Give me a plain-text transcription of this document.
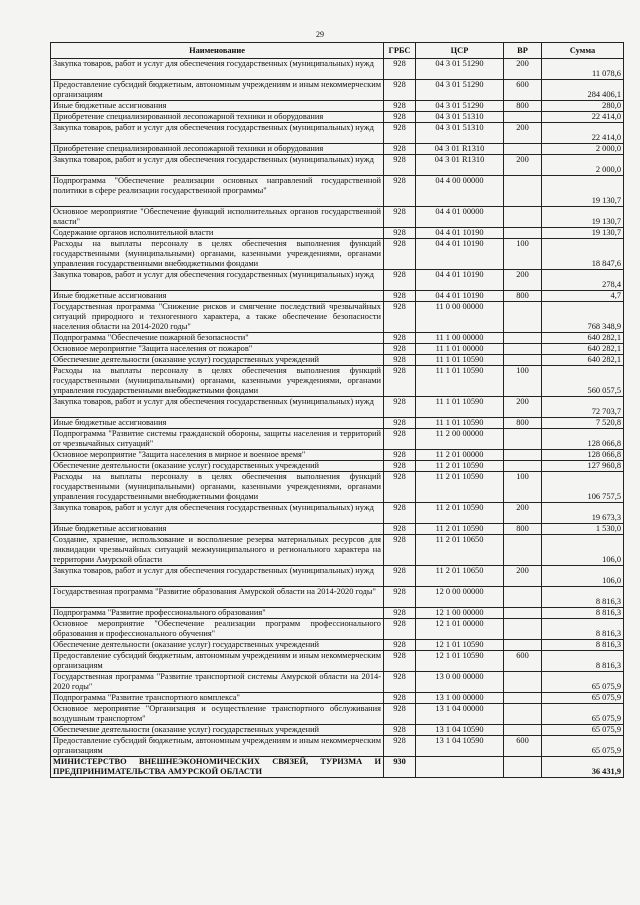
29
Наименование	ГРБС	ЦСР	ВР	Сумма
Закупка товаров, работ и услуг для обеспечения государственных (муниципальных) нужд	928	04 3 01 51290	200	11 078,6
Предоставление субсидий бюджетным, автономным учреждениям и иным некоммерческим организациям	928	04 3 01 51290	600	284 406,1
Иные бюджетные ассигнования	928	04 3 01 51290	800	280,0
Приобретение специализированной лесопожарной техники и оборудования	928	04 3 01 51310		22 414,0
Закупка товаров, работ и услуг для обеспечения государственных (муниципальных) нужд	928	04 3 01 51310	200	22 414,0
Приобретение специализированной лесопожарной техники и оборудования	928	04 3 01 R1310		2 000,0
Закупка товаров, работ и услуг для обеспечения государственных (муниципальных) нужд	928	04 3 01 R1310	200	2 000,0
Подпрограмма "Обеспечение реализации основных направлений государственной политики в сфере реализации государственной программы"	928	04 4 00 00000		19 130,7
Основное мероприятие "Обеспечение функций исполнительных органов государственной власти"	928	04 4 01 00000		19 130,7
Содержание органов исполнительной власти	928	04 4 01 10190		19 130,7
Расходы на выплаты персоналу в целях обеспечения выполнения функций государственными (муниципальными) органами, казенными учреждениями, органами управления государственными внебюджетными фондами	928	04 4 01 10190	100	18 847,6
Закупка товаров, работ и услуг для обеспечения государственных (муниципальных) нужд	928	04 4 01 10190	200	278,4
Иные бюджетные ассигнования	928	04 4 01 10190	800	4,7
Государственная программа "Снижение рисков и смягчение последствий чрезвычайных ситуаций природного и техногенного характера, а также обеспечение безопасности населения области на 2014-2020 годы"	928	11 0 00 00000		768 348,9
Подпрограмма "Обеспечение пожарной безопасности"	928	11 1 00 00000		640 282,1
Основное мероприятие "Защита населения от пожаров"	928	11 1 01 00000		640 282,1
Обеспечение деятельности (оказание услуг) государственных учреждений	928	11 1 01 10590		640 282,1
Расходы на выплаты персоналу в целях обеспечения выполнения функций государственными (муниципальными) органами, казенными учреждениями, органами управления государственными внебюджетными фондами	928	11 1 01 10590	100	560 057,5
Закупка товаров, работ и услуг для обеспечения государственных (муниципальных) нужд	928	11 1 01 10590	200	72 703,7
Иные бюджетные ассигнования	928	11 1 01 10590	800	7 520,8
Подпрограмма "Развитие системы гражданской обороны, защиты населения и территорий от чрезвычайных ситуаций"	928	11 2 00 00000		128 066,8
Основное мероприятие "Защита населения в мирное и военное время"	928	11 2 01 00000		128 066,8
Обеспечение деятельности (оказание услуг) государственных учреждений	928	11 2 01 10590		127 960,8
Расходы на выплаты персоналу в целях обеспечения выполнения функций государственными (муниципальными) органами, казенными учреждениями, органами управления государственными внебюджетными фондами	928	11 2 01 10590	100	106 757,5
Закупка товаров, работ и услуг для обеспечения государственных (муниципальных) нужд	928	11 2 01 10590	200	19 673,3
Иные бюджетные ассигнования	928	11 2 01 10590	800	1 530,0
Создание, хранение, использование и восполнение резерва материальных ресурсов для ликвидации чрезвычайных ситуаций межмуниципального и регионального характера на территории Амурской области	928	11 2 01 10650		106,0
Закупка товаров, работ и услуг для обеспечения государственных (муниципальных) нужд	928	11 2 01 10650	200	106,0
Государственная программа "Развитие образования Амурской области на 2014-2020 годы"	928	12 0 00 00000		8 816,3
Подпрограмма "Развитие профессионального образования"	928	12 1 00 00000		8 816,3
Основное мероприятие "Обеспечение реализации программ профессионального образования и профессионального обучения"	928	12 1 01 00000		8 816,3
Обеспечение деятельности (оказание услуг) государственных учреждений	928	12 1 01 10590		8 816,3
Предоставление субсидий бюджетным, автономным учреждениям и иным некоммерческим организациям	928	12 1 01 10590	600	8 816,3
Государственная программа "Развитие транспортной системы Амурской области на 2014-2020 годы"	928	13 0 00 00000		65 075,9
Подпрограмма "Развитие транспортного комплекса"	928	13 1 00 00000		65 075,9
Основное мероприятие "Организация и осуществление транспортного обслуживания воздушным транспортом"	928	13 1 04 00000		65 075,9
Обеспечение деятельности (оказание услуг) государственных учреждений	928	13 1 04 10590		65 075,9
Предоставление субсидий бюджетным, автономным учреждениям и иным некоммерческим организациям	928	13 1 04 10590	600	65 075,9
МИНИСТЕРСТВО ВНЕШНЕЭКОНОМИЧЕСКИХ СВЯЗЕЙ, ТУРИЗМА И ПРЕДПРИНИМАТЕЛЬСТВА АМУРСКОЙ ОБЛАСТИ	930			36 431,9
